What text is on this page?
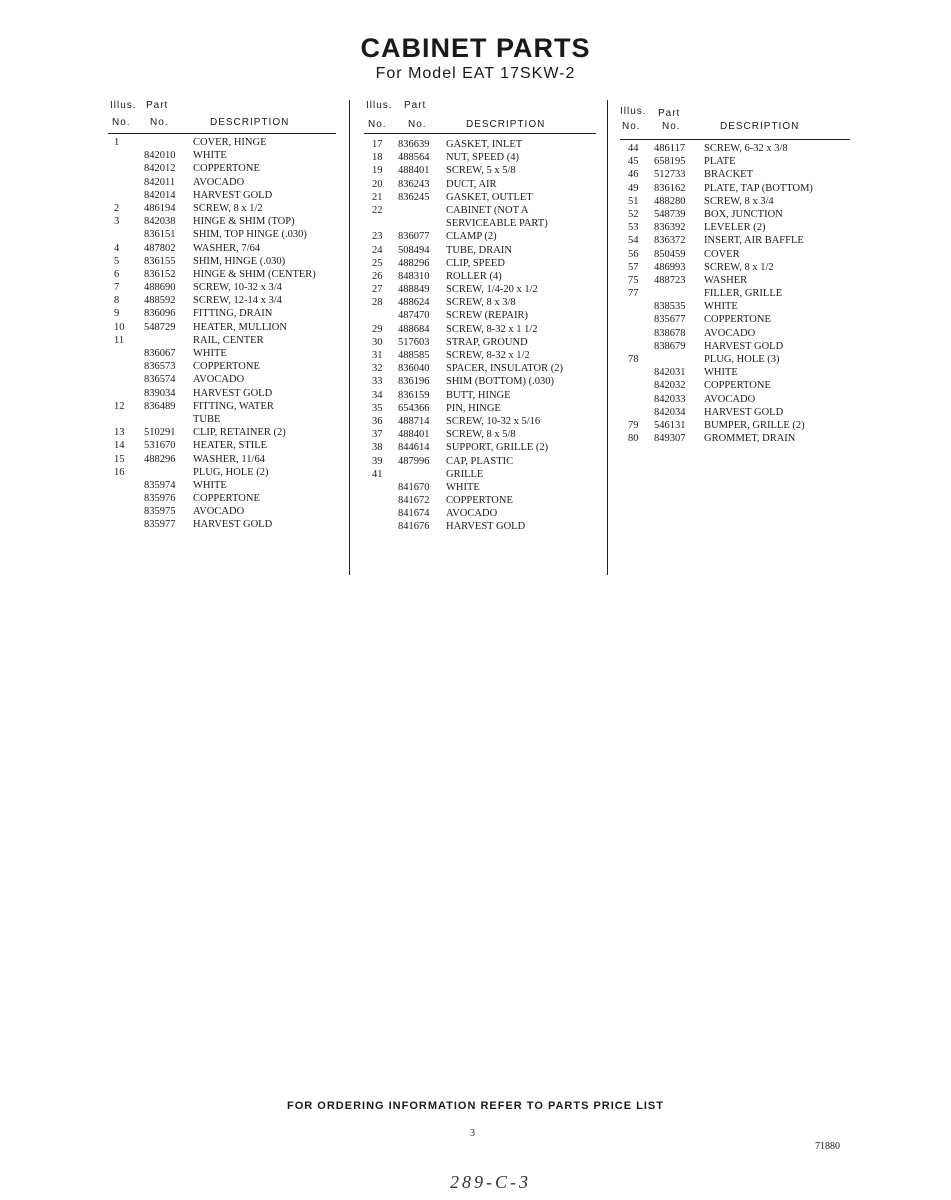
CABINET PARTS
For Model EAT 17SKW-2
Illus.
No.
Part
No.	DESCRIPTION
1	COVER, HINGE
842010 WHITE
842012 COPPERTONE
842011 AVOCADO
842014 HARVEST GOLD
2 486194 SCREW, 8 x 1/2
3 842038 HINGE & SHIM (TOP)
836151 SHIM, TOP HINGE (.030)
4 487802 WASHER, 7/64
5 836155 SHIM, HINGE (.030)
6 836152 HINGE & SHIM (CENTER)
7 488690 SCREW, 10-32 x 3/4
8 488592 SCREW, 12-14 x 3/4
9 836096 FITTING, DRAIN
10 548729 HEATER, MULLION
11	RAIL, CENTER
836067 WHITE
836573 COPPERTONE
836574 AVOCADO
839034 HARVEST GOLD
12 836489 FITTING, WATER
TUBE
13 510291 CLIP, RETAINER (2)
14 531670 HEATER, STILE
15 488296 WASHER, 11/64
16	PLUG, HOLE (2)
835974 WHITE
835976 COPPERTONE
835975 AVOCADO
835977 HARVEST GOLD
Illus.
No.
Part
No.	DESCRIPTION
17 836639 GASKET, INLET
18 488564 NUT, SPEED (4)
19 488401 SCREW, 5 x 5/8
20 836243 DUCT, AIR
21 836245 GASKET, OUTLET
22	CABINET (NOT A
SERVICEABLE PART)
23 836077 CLAMP (2)
24 508494 TUBE, DRAIN
25 488296 CLIP, SPEED
26 848310 ROLLER (4)
27 488849 SCREW, 1/4-20 x 1/2
28 488624 SCREW, 8 x 3/8
487470 SCREW (REPAIR)
29 488684 SCREW, 8-32 x 1 1/2
30 517603 STRAP, GROUND
31 488585 SCREW, 8-32 x 1/2
32 836040 SPACER, INSULATOR (2)
33 836196 SHIM (BOTTOM) (.030)
34 836159 BUTT, HINGE
35 654366 PIN, HINGE
36 488714 SCREW, 10-32 x 5/16
37 488401 SCREW, 8 x 5/8
38 844614 SUPPORT, GRILLE (2)
39 487996 CAP, PLASTIC
41	GRILLE
841670 WHITE
841672 COPPERTONE
841674 AVOCADO
841676 HARVEST GOLD
Illus.
No.
Part
No.	DESCRIPTION
44 486117 SCREW, 6-32 x 3/8
45 658195 PLATE
46 512733 BRACKET
49 836162 PLATE, TAP (BOTTOM)
51 488280 SCREW, 8 x 3/4
52 548739 BOX, JUNCTION
53 836392 LEVELER (2)
54 836372 INSERT, AIR BAFFLE
56 850459 COVER
57 486993 SCREW, 8 x 1/2
75 488723 WASHER
77	FILLER, GRILLE
838535 WHITE
835677 COPPERTONE
838678 AVOCADO
838679 HARVEST GOLD
78	PLUG, HOLE (3)
842031 WHITE
842032 COPPERTONE
842033 AVOCADO
842034 HARVEST GOLD
79 546131 BUMPER, GRILLE (2)
80 849307 GROMMET, DRAIN
FOR ORDERING INFORMATION REFER TO PARTS PRICE LIST
3
71880
289-C-3
